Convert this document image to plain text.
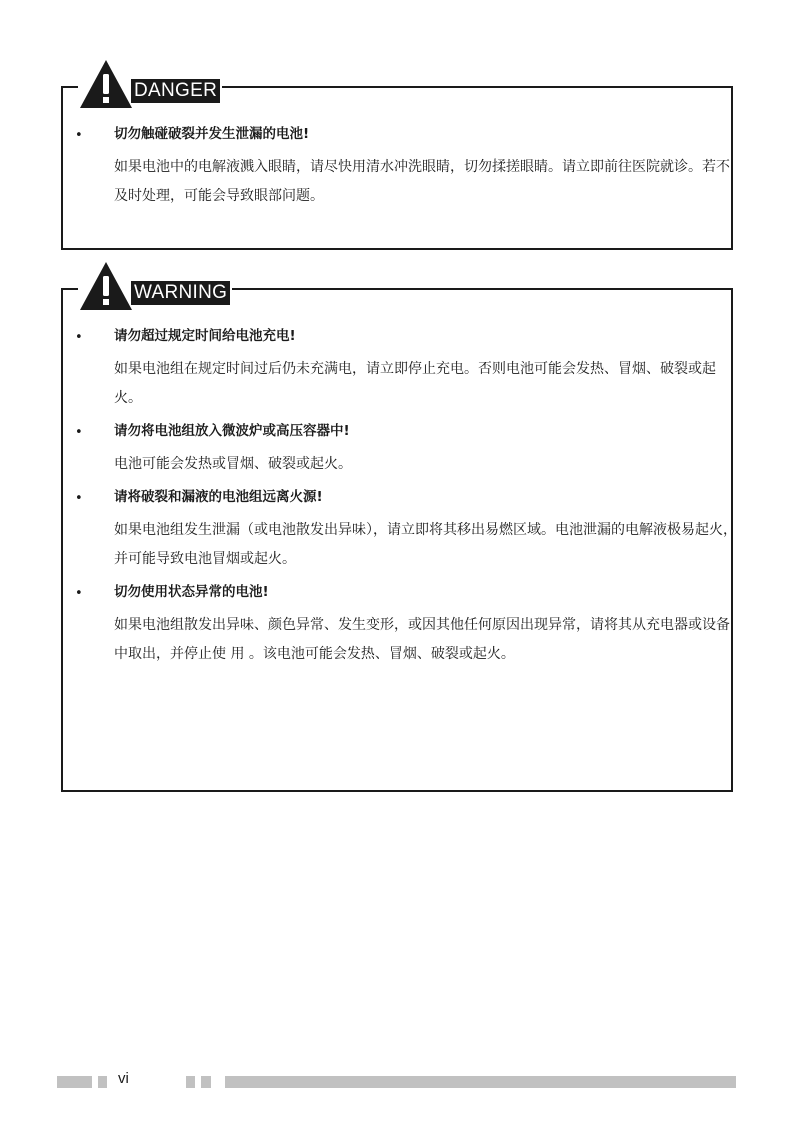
DANGER
• 切勿触碰破裂并发生泄漏的电池!

如果电池中的电解液溅入眼睛，请尽快用清水冲洗眼睛，切勿揉搓眼睛。请立即前往医院就诊。若不及时处理，可能会导致眼部问题。

WARNING
• 请勿超过规定时间给电池充电!

如果电池组在规定时间过后仍未充满电，请立即停止充电。否则电池可能会发热、冒烟、破裂或起火。

• 请勿将电池组放入微波炉或高压容器中!

电池可能会发热或冒烟、破裂或起火。

• 请将破裂和漏液的电池组远离火源!

如果电池组发生泄漏（或电池散发出异味），请立即将其移出易燃区域。电池泄漏的电解液极易起火，并可能导致电池冒烟或起火。

• 切勿使用状态异常的电池!

如果电池组散发出异味、颜色异常、发生变形，或因其他任何原因出现异常，请将其从充电器或设备中取出，并停止使 用 。该电池可能会发热、冒烟、破裂或起火。

vi
